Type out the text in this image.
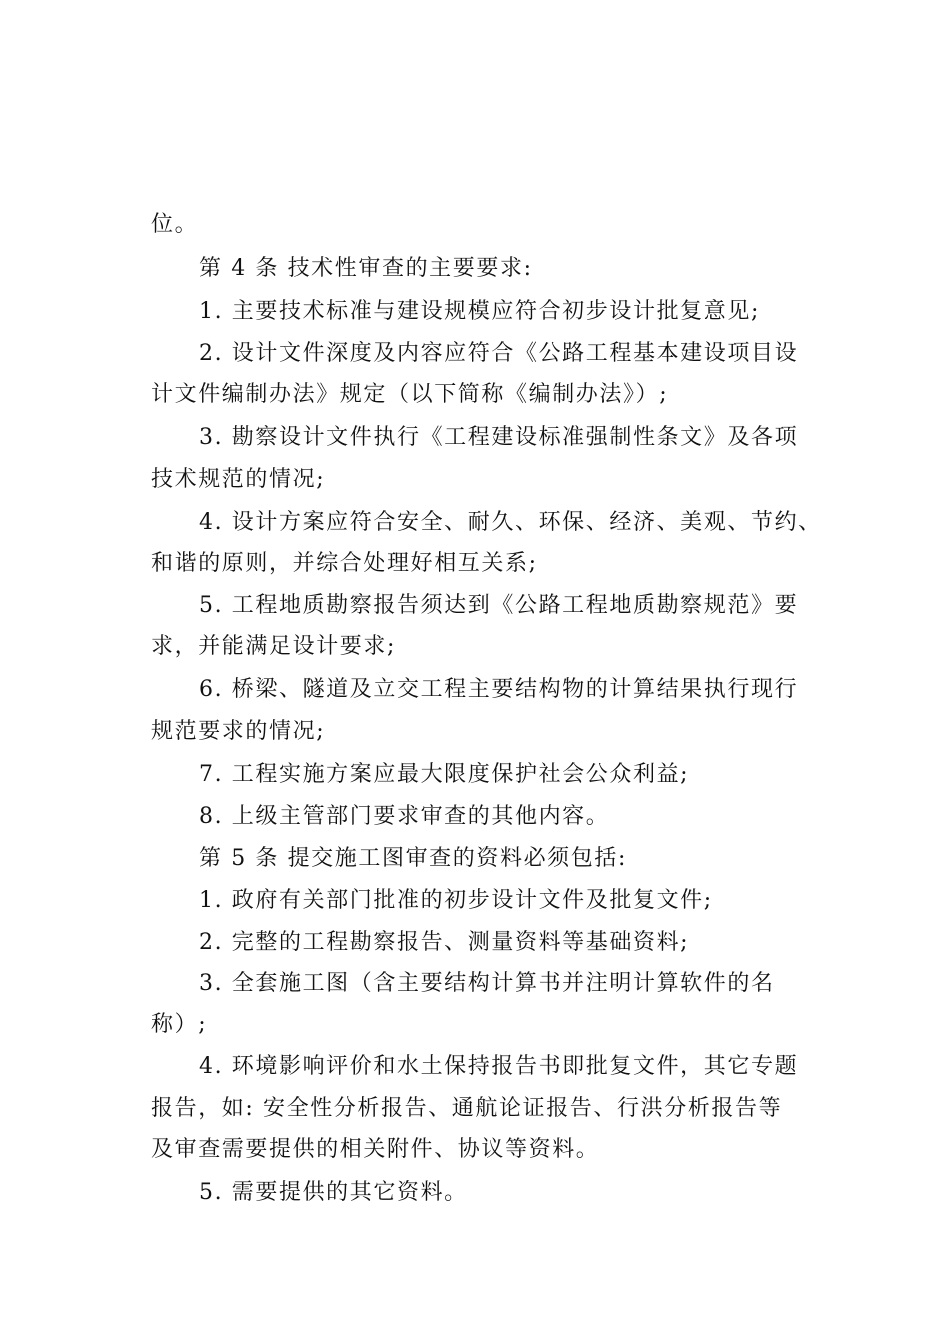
位。
第 4 条 技术性审查的主要要求:
1. 主要技术标准与建设规模应符合初步设计批复意见;
2. 设计文件深度及内容应符合《公路工程基本建设项目设
计文件编制办法》规定（以下简称《编制办法》）;
3. 勘察设计文件执行《工程建设标准强制性条文》及各项
技术规范的情况;
4. 设计方案应符合安全、耐久、环保、经济、美观、节约、
和谐的原则，并综合处理好相互关系;
5. 工程地质勘察报告须达到《公路工程地质勘察规范》要
求，并能满足设计要求;
6. 桥梁、隧道及立交工程主要结构物的计算结果执行现行
规范要求的情况;
7. 工程实施方案应最大限度保护社会公众利益;
8. 上级主管部门要求审查的其他内容。
第 5 条 提交施工图审查的资料必须包括:
1. 政府有关部门批准的初步设计文件及批复文件;
2. 完整的工程勘察报告、测量资料等基础资料;
3. 全套施工图（含主要结构计算书并注明计算软件的名
称）;
4. 环境影响评价和水土保持报告书即批复文件，其它专题
报告，如: 安全性分析报告、通航论证报告、行洪分析报告等
及审查需要提供的相关附件、协议等资料。
5. 需要提供的其它资料。
